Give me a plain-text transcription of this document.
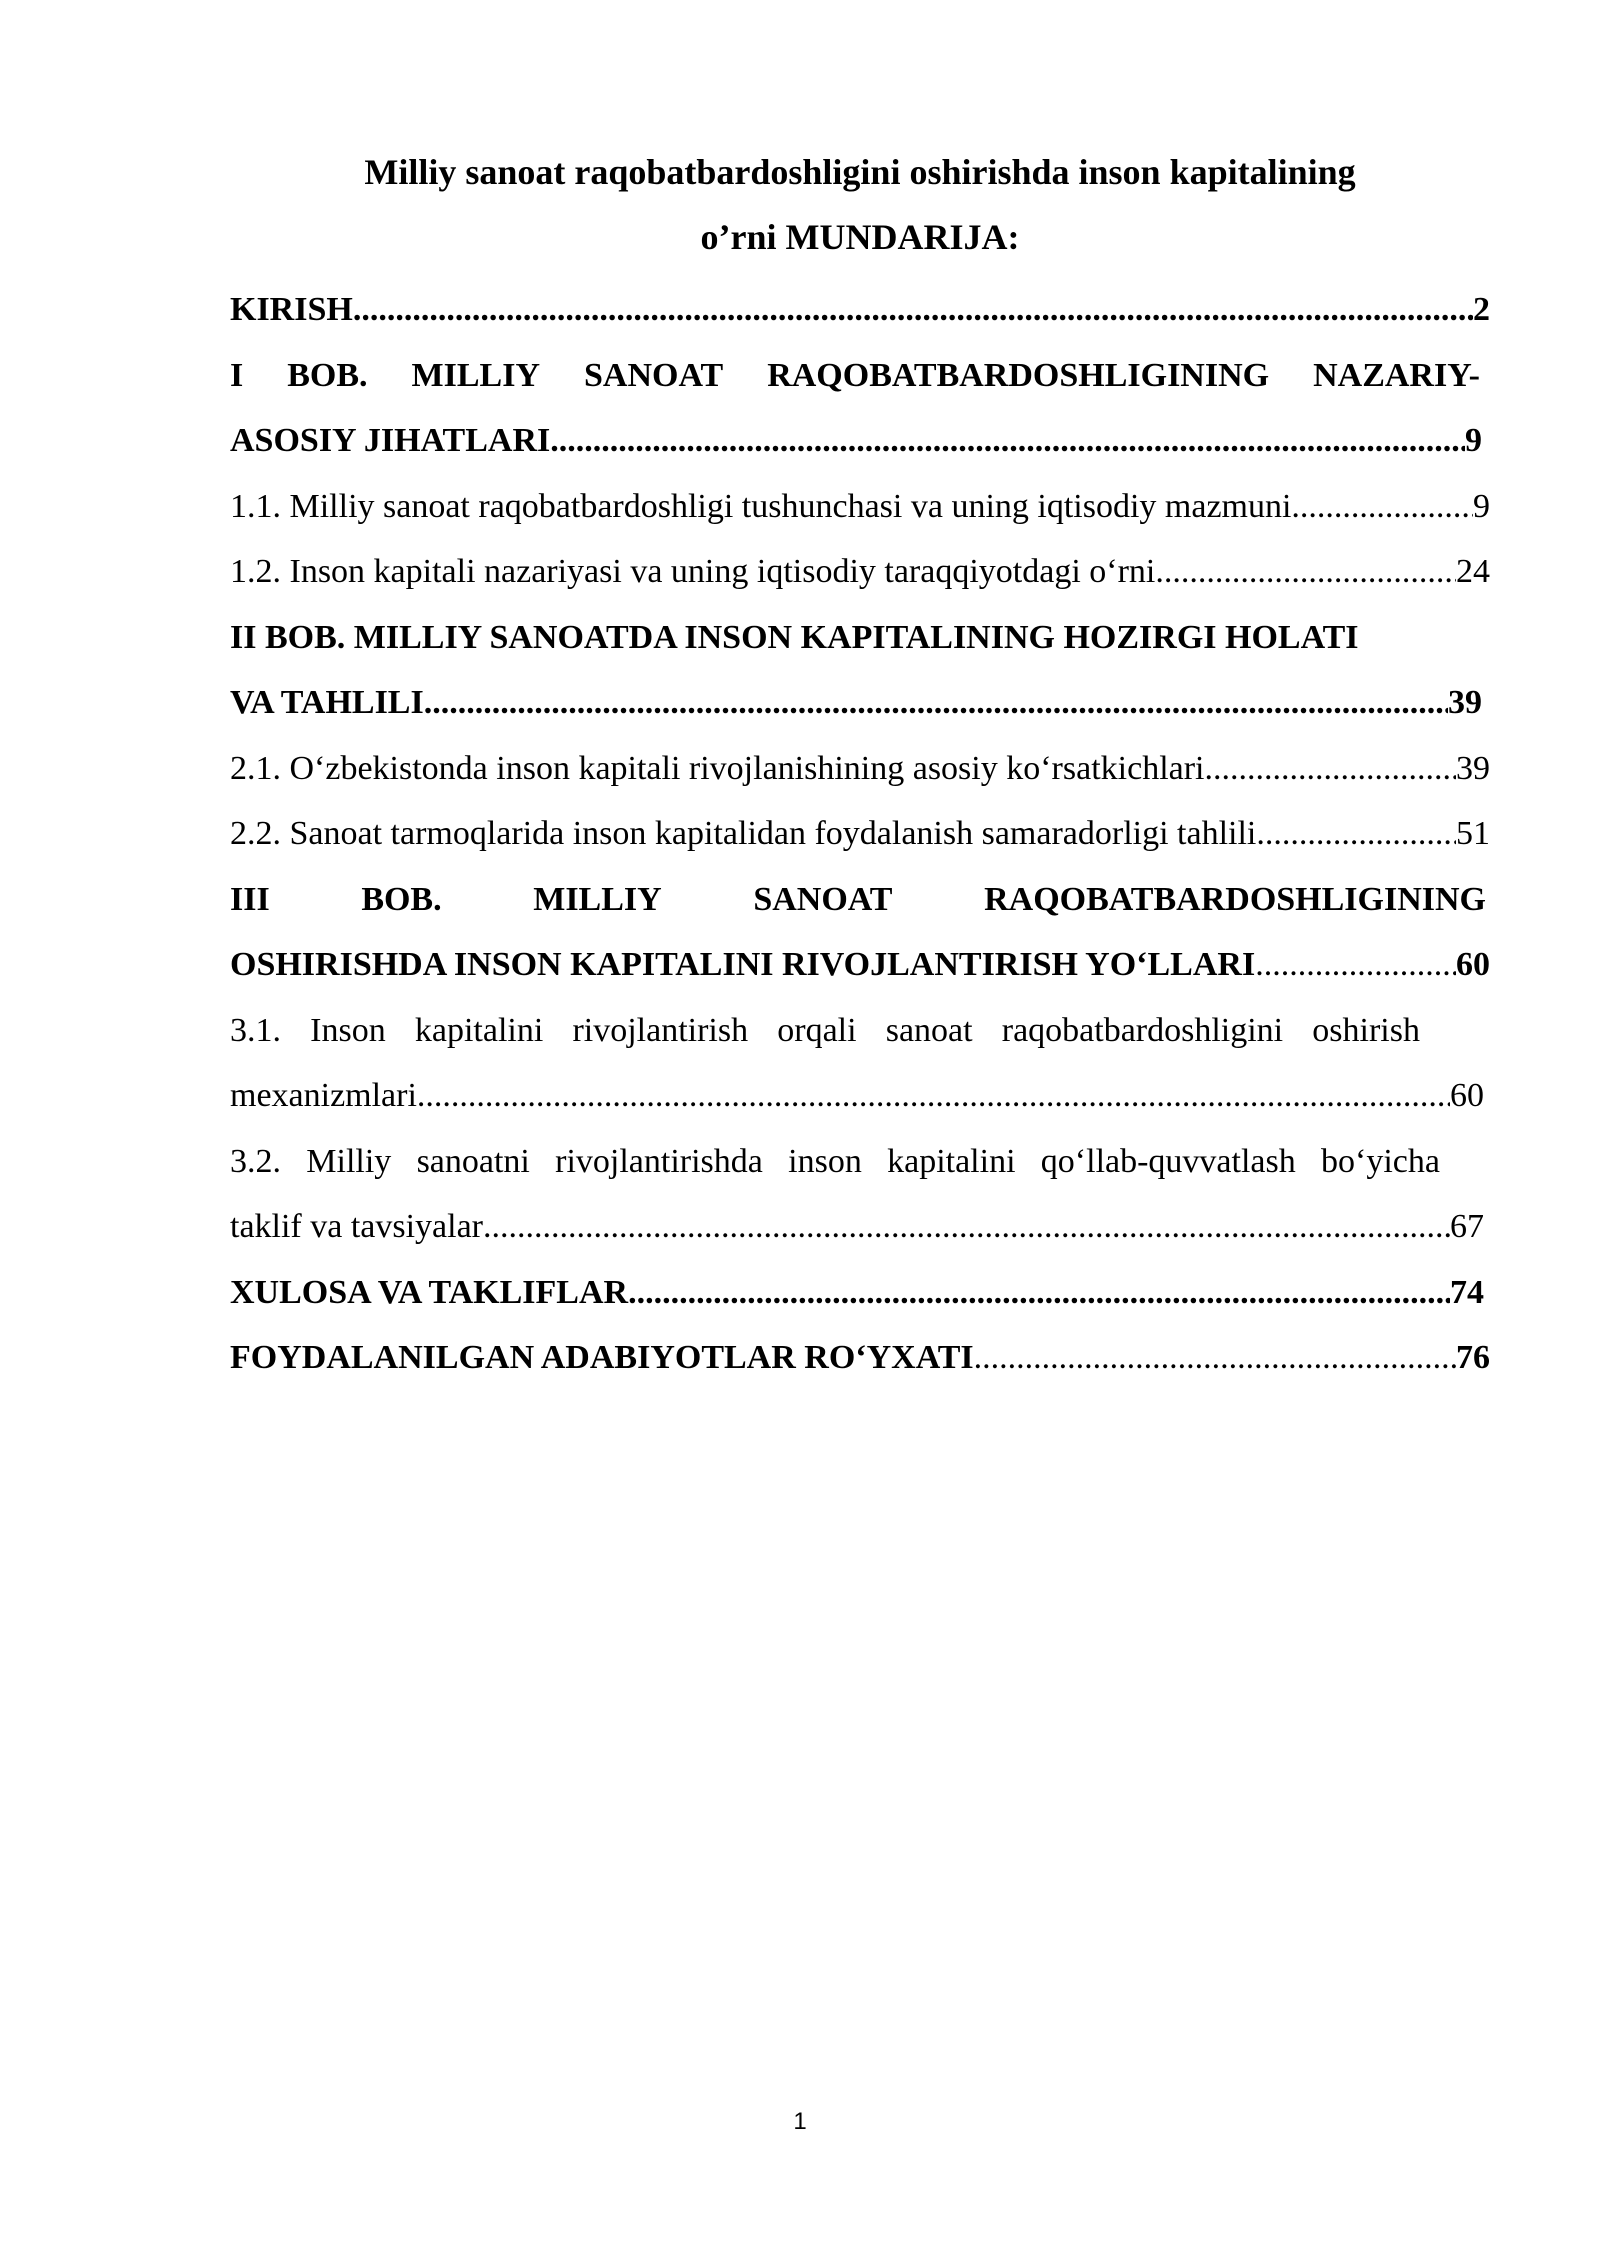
Milliy sanoat raqobatbardoshligini oshirishda inson kapitalining
o’rni MUNDARIJA:
KIRISH .....	2
I BOB. MILLIY SANOAT RAQOBATBARDOSHLIGINING NAZARIY-
ASOSIY JIHATLARI .....	9
1.1. Milliy sanoat raqobatbardoshligi tushunchasi va uning iqtisodiy mazmuni .....	9
1.2. Inson kapitali nazariyasi va uning iqtisodiy taraqqiyotdagi o‘rni .....	24
II BOB. MILLIY SANOATDA INSON KAPITALINING HOZIRGI HOLATI
VA TAHLILI .....	39
2.1. O‘zbekistonda inson kapitali rivojlanishining asosiy ko‘rsatkichlari .....	39
2.2. Sanoat tarmoqlarida inson kapitalidan foydalanish samaradorligi tahlili .....	51
III	BOB.	MILLIY	SANOAT	RAQOBATBARDOSHLIGINING
OSHIRISHDA INSON KAPITALINI RIVOJLANTIRISH YO‘LLARI .....	60
3.1. Inson kapitalini rivojlantirish orqali sanoat raqobatbardoshligini oshirish
mexanizmlari .....	60
3.2. Milliy sanoatni rivojlantirishda inson kapitalini qo‘llab-quvvatlash bo‘yicha
taklif va tavsiyalar .....	67
XULOSA VA TAKLIFLAR .....	74
FOYDALANILGAN ADABIYOTLAR RO‘YXATI .....	76
1
